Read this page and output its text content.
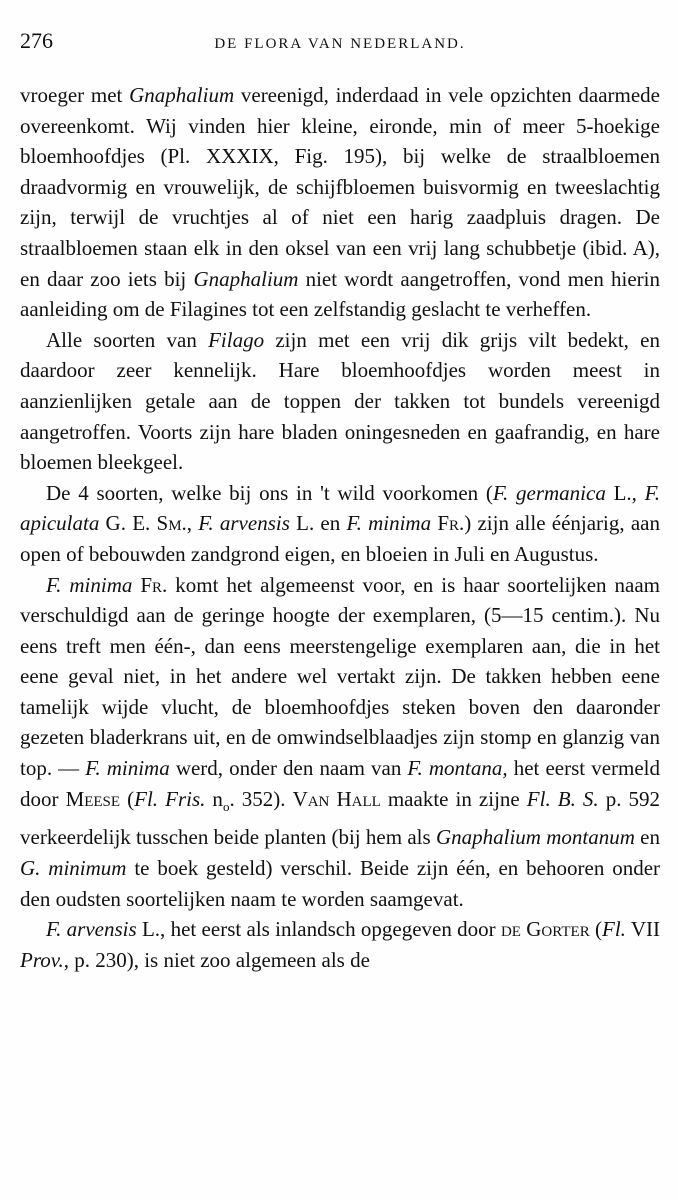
276	DE FLORA VAN NEDERLAND.

vroeger met Gnaphalium vereenigd, inderdaad in vele opzichten daarmede overeenkomt. Wij vinden hier kleine, eironde, min of meer 5-hoekige bloemhoofdjes (Pl. XXXIX, Fig. 195), bij welke de straalbloemen draadvormig en vrouwelijk, de schijfbloemen buisvormig en tweeslachtig zijn, terwijl de vruchtjes al of niet een harig zaadpluis dragen. De straalbloemen staan elk in den oksel van een vrij lang schubbetje (ibid. A), en daar zoo iets bij Gnaphalium niet wordt aangetroffen, vond men hierin aanleiding om de Filagines tot een zelfstandig geslacht te verheffen.

Alle soorten van Filago zijn met een vrij dik grijs vilt bedekt, en daardoor zeer kennelijk. Hare bloemhoofdjes worden meest in aanzienlijken getale aan de toppen der takken tot bundels vereenigd aangetroffen. Voorts zijn hare bladen oningesneden en gaafrandig, en hare bloemen bleekgeel.

De 4 soorten, welke bij ons in 't wild voorkomen (F. germanica L., F. apiculata G. E. Sm., F. arvensis L. en F. minima Fr.) zijn alle éénjarig, aan open of bebouwden zandgrond eigen, en bloeien in Juli en Augustus.

F. minima Fr. komt het algemeenst voor, en is haar soortelijken naam verschuldigd aan de geringe hoogte der exemplaren, (5—15 centim.). Nu eens treft men één-, dan eens meerstengelige exemplaren aan, die in het eene geval niet, in het andere wel vertakt zijn. De takken hebben eene tamelijk wijde vlucht, de bloemhoofdjes steken boven den daaronder gezeten bladerkrans uit, en de omwindselblaadjes zijn stomp en glanzig van top. — F. minima werd, onder den naam van F. montana, het eerst vermeld door Meese (Fl. Fris. $n_o$. 352). Van Hall maakte in zijne Fl. B. S. p. 592 verkeerdelijk tusschen beide planten (bij hem als Gnaphalium montanum en G. minimum te boek gesteld) verschil. Beide zijn één, en behooren onder den oudsten soortelijken naam te worden saamgevat.

F. arvensis L., het eerst als inlandsch opgegeven door de Gorter (Fl. VII Prov., p. 230), is niet zoo algemeen als de
